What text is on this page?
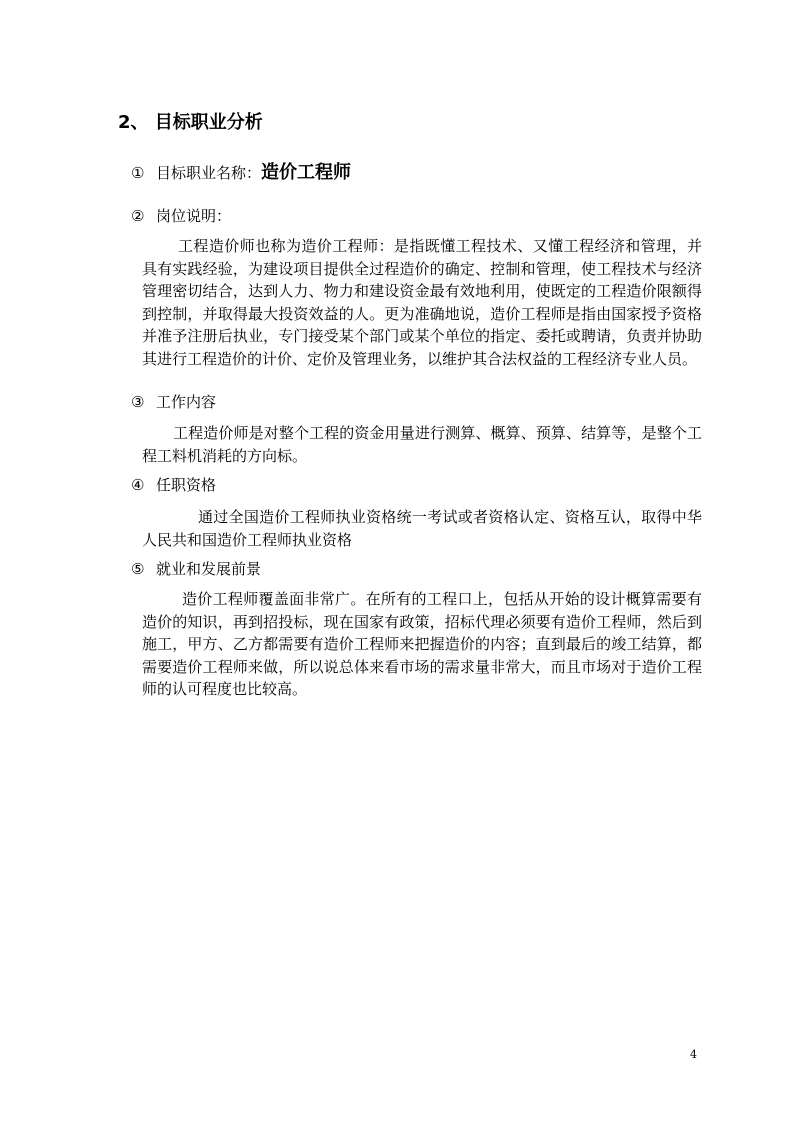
2、 目标职业分析
① 目标职业名称：造价工程师
② 岗位说明：
工程造价师也称为造价工程师：是指既懂工程技术、又懂工程经济和管理，并具有实践经验，为建设项目提供全过程造价的确定、控制和管理，使工程技术与经济管理密切结合，达到人力、物力和建设资金最有效地利用，使既定的工程造价限额得到控制，并取得最大投资效益的人。更为准确地说，造价工程师是指由国家授予资格并准予注册后执业，专门接受某个部门或某个单位的指定、委托或聘请，负责并协助其进行工程造价的计价、定价及管理业务，以维护其合法权益的工程经济专业人员。
③ 工作内容
工程造价师是对整个工程的资金用量进行测算、概算、预算、结算等，是整个工程工料机消耗的方向标。
④ 任职资格
通过全国造价工程师执业资格统一考试或者资格认定、资格互认，取得中华人民共和国造价工程师执业资格
⑤ 就业和发展前景
造价工程师覆盖面非常广。在所有的工程口上，包括从开始的设计概算需要有造价的知识，再到招投标，现在国家有政策，招标代理必须要有造价工程师，然后到施工，甲方、乙方都需要有造价工程师来把握造价的内容；直到最后的竣工结算，都需要造价工程师来做，所以说总体来看市场的需求量非常大，而且市场对于造价工程师的认可程度也比较高。
4
